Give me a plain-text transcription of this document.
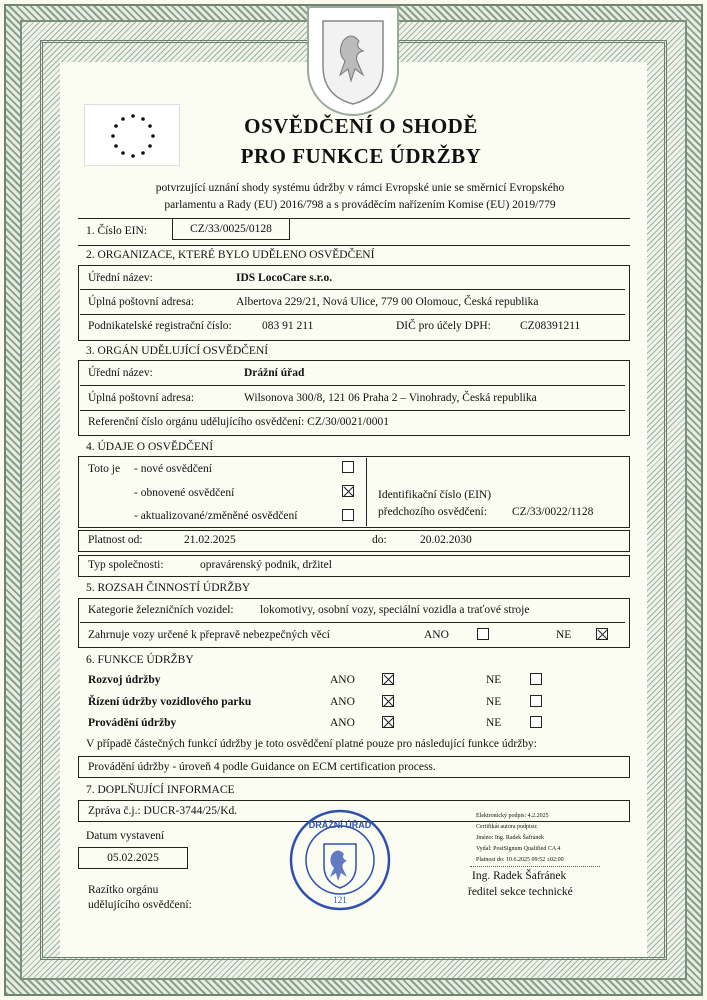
OSVĚDČENÍ O SHODĚ
PRO FUNKCE ÚDRŽBY
potvrzující uznání shody systému údržby v rámci Evropské unie se směrnicí Evropského
parlamentu a Rady (EU) 2016/798 a s prováděcím nařízením Komise (EU) 2019/779
1. Číslo EIN:	CZ/33/0025/0128
2. ORGANIZACE, KTERÉ BYLO UDĚLENO OSVĚDČENÍ
Úřední název:	IDS LocoCare s.r.o.
Úplná poštovní adresa:	Albertova 229/21, Nová Ulice, 779 00 Olomouc, Česká republika
Podnikatelské registrační číslo:	083 91 211	DIČ pro účely DPH:	CZ08391211
3. ORGÁN UDĚLUJÍCÍ OSVĚDČENÍ
Úřední název:	Drážní úřad
Úplná poštovní adresa:	Wilsonova 300/8, 121 06 Praha 2 – Vinohrady, Česká republika
Referenční číslo orgánu udělujícího osvědčení: CZ/30/0021/0001
4. ÚDAJE O OSVĚDČENÍ
Toto je - nové osvědčení
- obnovené osvědčení
- aktualizované/změněné osvědčení
Identifikační číslo (EIN)
předchozího osvědčení: CZ/33/0022/1128
Platnost od:	21.02.2025	do:	20.02.2030
Typ společnosti:	opravárenský podnik, držitel
5. ROZSAH ČINNOSTÍ ÚDRŽBY
Kategorie železničních vozidel: lokomotivy, osobní vozy, speciální vozidla a traťové stroje
Zahrnuje vozy určené k přepravě nebezpečných věcí	ANO	NE
6. FUNKCE ÚDRŽBY
Rozvoj údržby	ANO	NE
Řízení údržby vozidlového parku	ANO	NE
Provádění údržby	ANO	NE
V případě částečných funkcí údržby je toto osvědčení platné pouze pro následující funkce údržby:
Provádění údržby - úroveň 4 podle Guidance on ECM certification process.
7. DOPLŇUJÍCÍ INFORMACE
Zpráva č.j.: DUCR-3744/25/Kd.
Datum vystavení
05.02.2025
Razítko orgánu
udělujícího osvědčení:
DRÁŽNÍ ÚŘAD
121
Elektronický podpis: 4.2.2025
Certifikát autora podpisu:
Jméno: Ing. Radek Šafránek
Vydal: PostSignum Qualified CA 4
Platnost do: 10.6.2025 09:52 ±02:00
Ing. Radek Šafránek
ředitel sekce technické
